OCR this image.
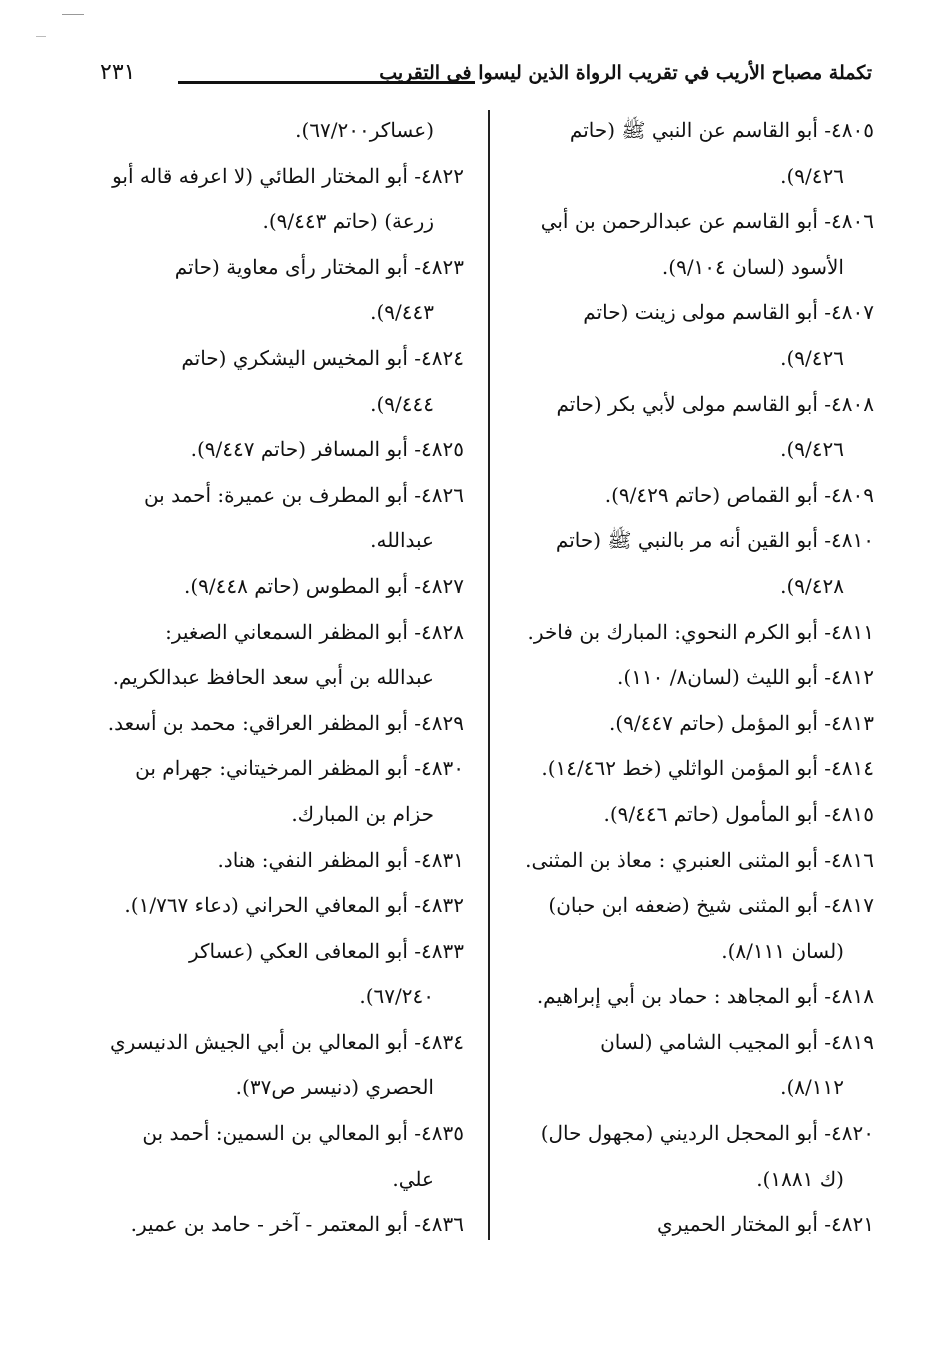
تكملة مصباح الأريب في تقريب الرواة الذين ليسوا في التقريب
٢٣١
٤٨٠٥- أبو القاسم عن النبي ﷺ (حاتم
٩/٤٢٦).
٤٨٠٦- أبو القاسم عن عبدالرحمن بن أبي
الأسود (لسان ٩/١٠٤).
٤٨٠٧- أبو القاسم مولى زينت (حاتم
٩/٤٢٦).
٤٨٠٨- أبو القاسم مولى لأبي بكر (حاتم
٩/٤٢٦).
٤٨٠٩- أبو القماص (حاتم ٩/٤٢٩).
٤٨١٠- أبو القين أنه مر بالنبي ﷺ (حاتم
٩/٤٢٨).
٤٨١١- أبو الكرم النحوي: المبارك بن فاخر.
٤٨١٢- أبو الليث (لسان٨/ ١١٠).
٤٨١٣- أبو المؤمل (حاتم ٩/٤٤٧).
٤٨١٤- أبو المؤمن الواثلي (خط ١٤/٤٦٢).
٤٨١٥- أبو المأمول (حاتم ٩/٤٤٦).
٤٨١٦- أبو المثنى العنبري : معاذ بن المثنى.
٤٨١٧- أبو المثنى شيخ (ضعفه ابن حبان)
(لسان ٨/١١١).
٤٨١٨- أبو المجاهد : حماد بن أبي إبراهيم.
٤٨١٩- أبو المجيب الشامي (لسان
٨/١١٢).
٤٨٢٠- أبو المحجل الرديني (مجهول حال)
(ك ١٨٨١).
٤٨٢١- أبو المختار الحميري
(عساكر٦٧/٢٠٠).
٤٨٢٢- أبو المختار الطائي (لا اعرفه قاله أبو
زرعة) (حاتم ٩/٤٤٣).
٤٨٢٣- أبو المختار رأى معاوية (حاتم
٩/٤٤٣).
٤٨٢٤- أبو المخيس اليشكري (حاتم
٩/٤٤٤).
٤٨٢٥- أبو المسافر (حاتم ٩/٤٤٧).
٤٨٢٦- أبو المطرف بن عميرة: أحمد بن
عبدالله.
٤٨٢٧- أبو المطوس (حاتم ٩/٤٤٨).
٤٨٢٨- أبو المظفر السمعاني الصغير:
عبدالله بن أبي سعد الحافظ عبدالكريم.
٤٨٢٩- أبو المظفر العراقي: محمد بن أسعد.
٤٨٣٠- أبو المظفر المرخيتاني: جهرام بن
حزام بن المبارك.
٤٨٣١- أبو المظفر النفي: هناد.
٤٨٣٢- أبو المعافي الحراني (دعاء ١/٧٦٧).
٤٨٣٣- أبو المعافى العكي (عساكر
٦٧/٢٤٠).
٤٨٣٤- أبو المعالي بن أبي الجيش الدنيسري
الحصري (دنيسر ص٣٧).
٤٨٣٥- أبو المعالي بن السمين: أحمد بن
علي.
٤٨٣٦- أبو المعتمر - آخر - حامد بن عمير.
